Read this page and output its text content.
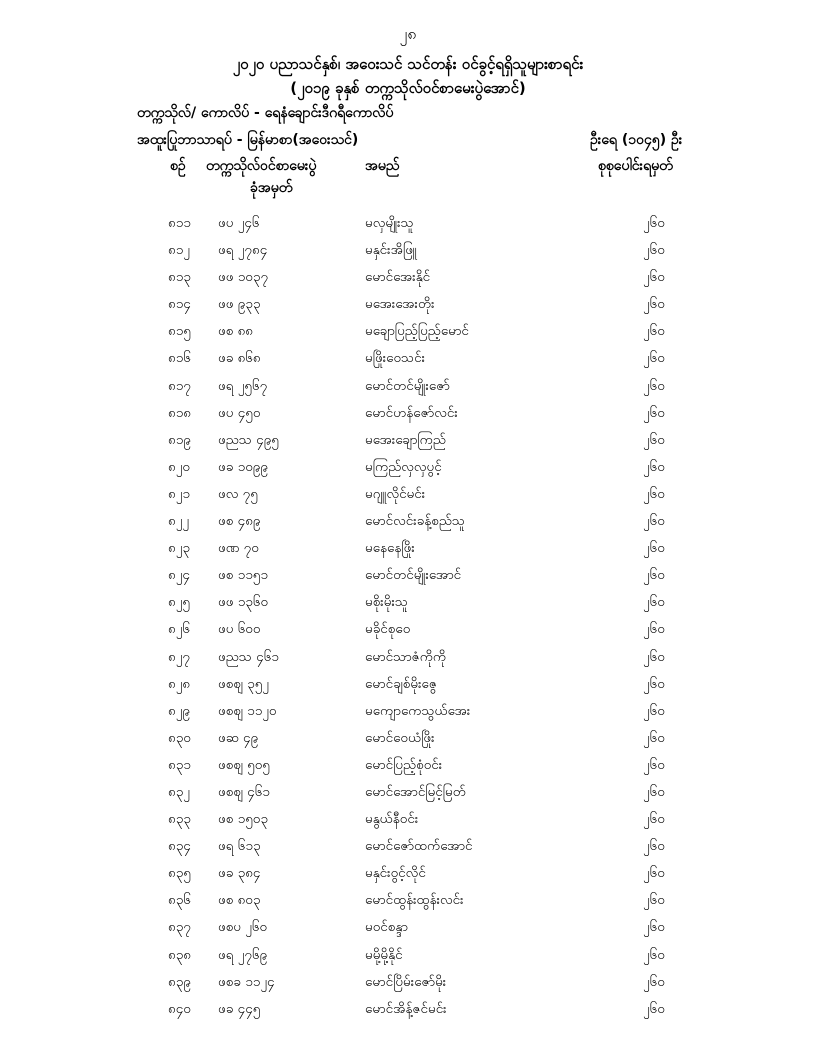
၂၈
၂၀၂၀ ပညာသင်နှစ်၊ အဝေးသင် သင်တန်း ဝင်ခွင့်ရရှိသူများစာရင်း
(၂၀၁၉ ခုနှစ် တက္ကသိုလ်ဝင်စာမေးပွဲအောင်)
တက္ကသိုလ်/ ကောလိပ် - ရေနံချောင်းဒီဂရီကောလိပ်
အထူးပြုဘာသာရပ် - မြန်မာစာ(အဝေးသင်)	ဦးရေ (၁၀၄၅) ဦး
စဉ် တက္ကသိုလ်ဝင်စာမေးပွဲ
ခုံအမှတ်
အမည်	စုစုပေါင်းရမှတ်
၈၁၁ ဖပ ၂၄၆	မလှမျိုးသူ	၂၆၀
၈၁၂ ဖရ ၂၇၈၄	မနှင်းအိဖြူ	၂၆၀
၈၁၃ ဖဖ ၁၀၃၇	မောင်အေးနိုင်	၂၆၀
၈၁၄ ဖဖ ၉၃၃	မအေးအေးတိုး	၂၆၀
၈၁၅ ဖစ ၈၈	မချောပြည့်ပြည့်မောင်	၂၆၀
၈၁၆ ဖခ ၈၆၈	မဖြိုးဝေသင်း	၂၆၀
၈၁၇ ဖရ ၂၅၆၇	မောင်တင်မျိုးဇော်	၂၆၀
၈၁၈ ဖပ ၄၅၀	မောင်ဟန်ဇော်လင်း	၂၆၀
၈၁၉ ဖညသ ၄၉၅	မအေးချောကြည်	၂၆၀
၈၂၀ ဖခ ၁၀၉၉	မကြည်လှလှပွင့်	၂၆၀
၈၂၁ ဖလ ၇၅	မဂျူလိုင်မင်း	၂၆၀
၈၂၂ ဖစ ၄၈၉	မောင်လင်းခန့်စည်သူ	၂၆၀
၈၂၃ ဖဏ ၇၀	မနေနေဖြိုး	၂၆၀
၈၂၄ ဖစ ၁၁၅၁	မောင်တင်မျိုးအောင်	၂၆၀
၈၂၅ ဖဖ ၁၃၆၀	မစိုးမိုးသူ	၂၆၀
၈၂၆ ဖပ ၆၀၀	မခိုင်စုဝေ	၂၆၀
၈၂၇ ဖညသ ၄၆၁	မောင်သာဇံကိုကို	၂၆၀
၈၂၈ ဖစဈ ၃၅၂	မောင်ချစ်မိုးဇွေ	၂၆၀
၈၂၉ ဖစဈ ၁၁၂၀	မကျောကေသွယ်အေး	၂၆၀
၈၃၀ ဖဆ ၄၉	မောင်ဝေယံဖြိုး	၂၆၀
၈၃၁ ဖစဈ ၅၀၅	မောင်ပြည့်စုံဝင်း	၂၆၀
၈၃၂ ဖစဈ ၄၆၁	မောင်အောင်မြင့်မြတ်	၂၆၀
၈၃၃ ဖစ ၁၅၀၃	မနွယ်နီဝင်း	၂၆၀
၈၃၄ ဖရ ၆၁၃	မောင်ဇော်ထက်အောင်	၂၆၀
၈၃၅ ဖခ ၃၈၄	မနှင်းဝွင့်လိုင်	၂၆၀
၈၃၆ ဖစ ၈၀၃	မောင်ထွန်းထွန်းလင်း	၂၆၀
၈၃၇ ဖစပ ၂၆၀	မဝင်စန္ဒာ	၂၆၀
၈၃၈ ဖရ ၂၇၆၉	မမို့မို့နိုင်	၂၆၀
၈၃၉ ဖစခ ၁၁၂၄	မောင်ပြိမ်းဇော်မိုး	၂၆၀
၈၄၀ ဖခ ၄၄၅	မောင်အိန့်ဇင်မင်း	၂၆၀
